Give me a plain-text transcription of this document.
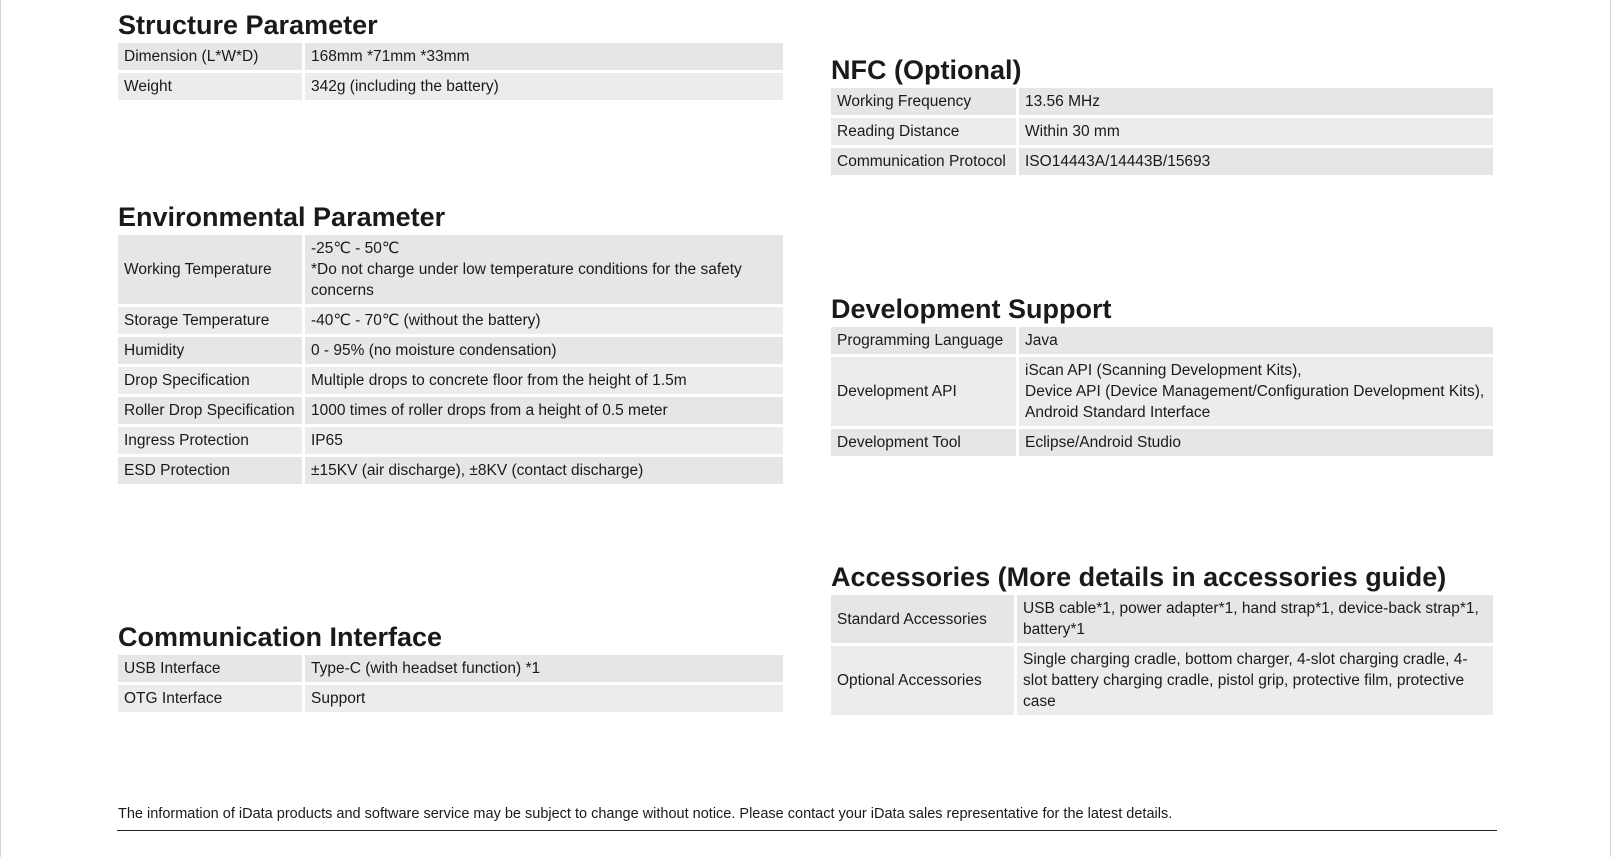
Structure Parameter
Dimension (L*W*D)	168mm *71mm *33mm

Weight	342g (including the battery)
Environmental Parameter
Working Temperature	-25℃ - 50℃
*Do not charge under low temperature conditions for the safety concerns

Storage Temperature	-40℃ - 70℃ (without the battery)

Humidity	0 - 95% (no moisture condensation)

Drop Specification	Multiple drops to concrete floor from the height of 1.5m

Roller Drop Specification	1000 times of roller drops from a height of 0.5 meter

Ingress Protection	IP65

ESD Protection	±15KV (air discharge), ±8KV (contact discharge)
Communication Interface
USB Interface	Type-C (with headset function) *1

OTG Interface	Support
NFC (Optional)
Working Frequency	13.56 MHz

Reading Distance	Within 30 mm

Communication Protocol	ISO14443A/14443B/15693
Development Support
Programming Language	Java

Development API	iScan API (Scanning Development Kits),
Device API (Device Management/Configuration Development Kits),
Android Standard Interface

Development Tool	Eclipse/Android Studio
Accessories (More details in accessories guide)
Standard Accessories	USB cable*1, power adapter*1, hand strap*1, device-back strap*1, battery*1

Optional Accessories	Single charging cradle, bottom charger, 4-slot charging cradle, 4-slot battery charging cradle, pistol grip, protective film, protective case
The information of iData products and software service may be subject to change without notice. Please contact your iData sales representative for the latest details.
